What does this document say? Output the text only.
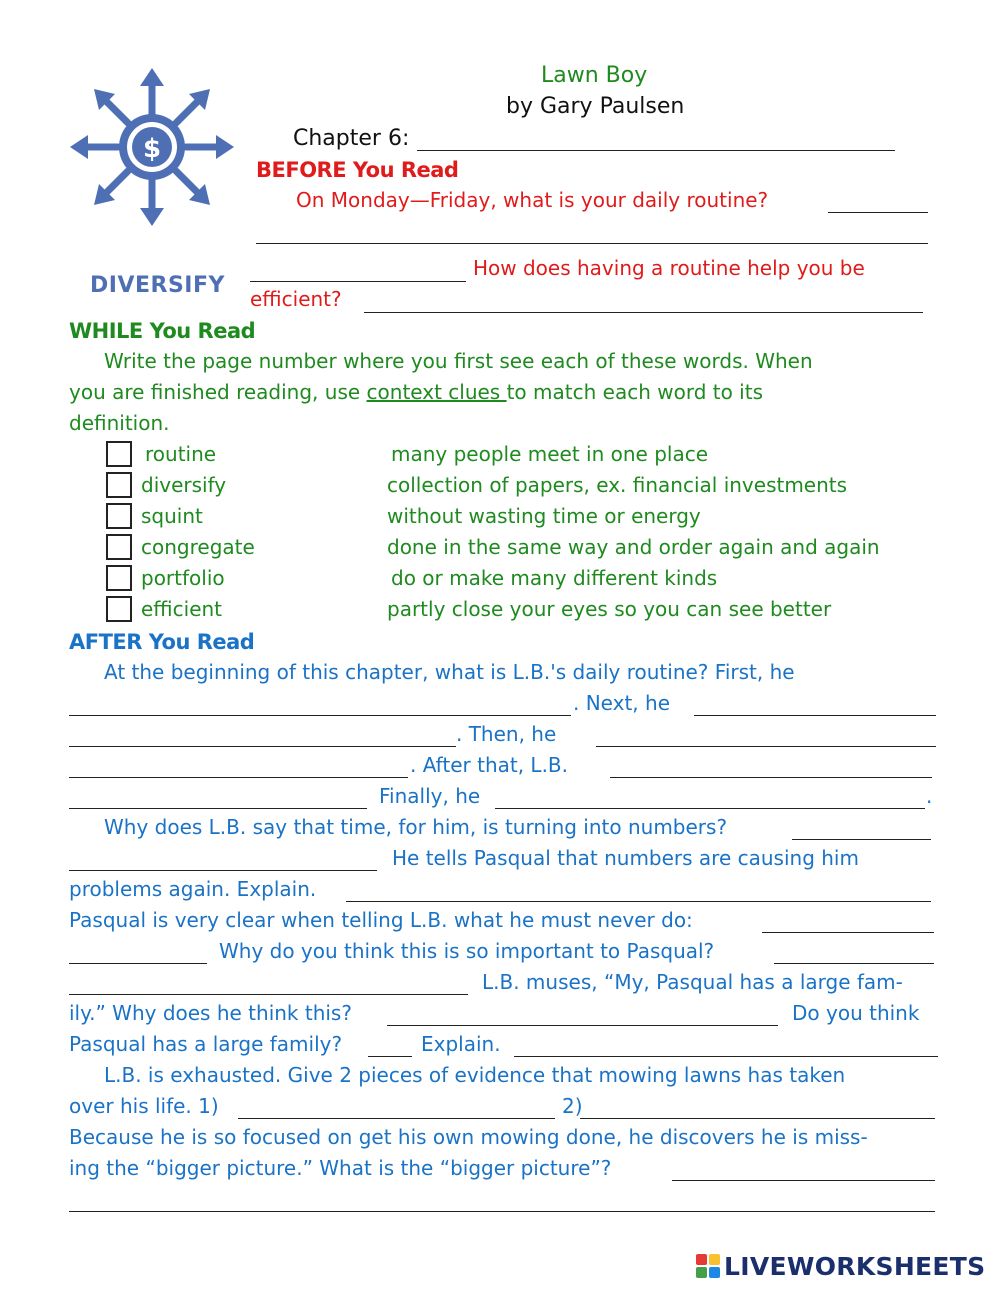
$
DIVERSIFY
Lawn Boy
by Gary Paulsen
Chapter 6:
BEFORE You Read
On Monday—Friday, what is your daily routine?
How does having a routine help you be
efficient?
WHILE You Read
Write the page number where you first see each of these words. When
you are finished reading, use context clues to match each word to its
definition.
routine	many people meet in one place
diversify	collection of papers, ex. financial investments
squint	without wasting time or energy
congregate	done in the same way and order again and again
portfolio	do or make many different kinds
efficient	partly close your eyes so you can see better
AFTER You Read
At the beginning of this chapter, what is L.B.'s daily routine? First, he
. Next, he
. Then, he
. After that, L.B.
Finally, he	.
Why does L.B. say that time, for him, is turning into numbers?
He tells Pasqual that numbers are causing him
problems again. Explain.
Pasqual is very clear when telling L.B. what he must never do:
Why do you think this is so important to Pasqual?
L.B. muses, “My, Pasqual has a large fam-
ily.” Why does he think this?	Do you think
Pasqual has a large family?	Explain.
L.B. is exhausted. Give 2 pieces of evidence that mowing lawns has taken
over his life. 1)	2)
Because he is so focused on get his own mowing done, he discovers he is miss-
ing the “bigger picture.” What is the “bigger picture”?
LIVEWORKSHEETS
